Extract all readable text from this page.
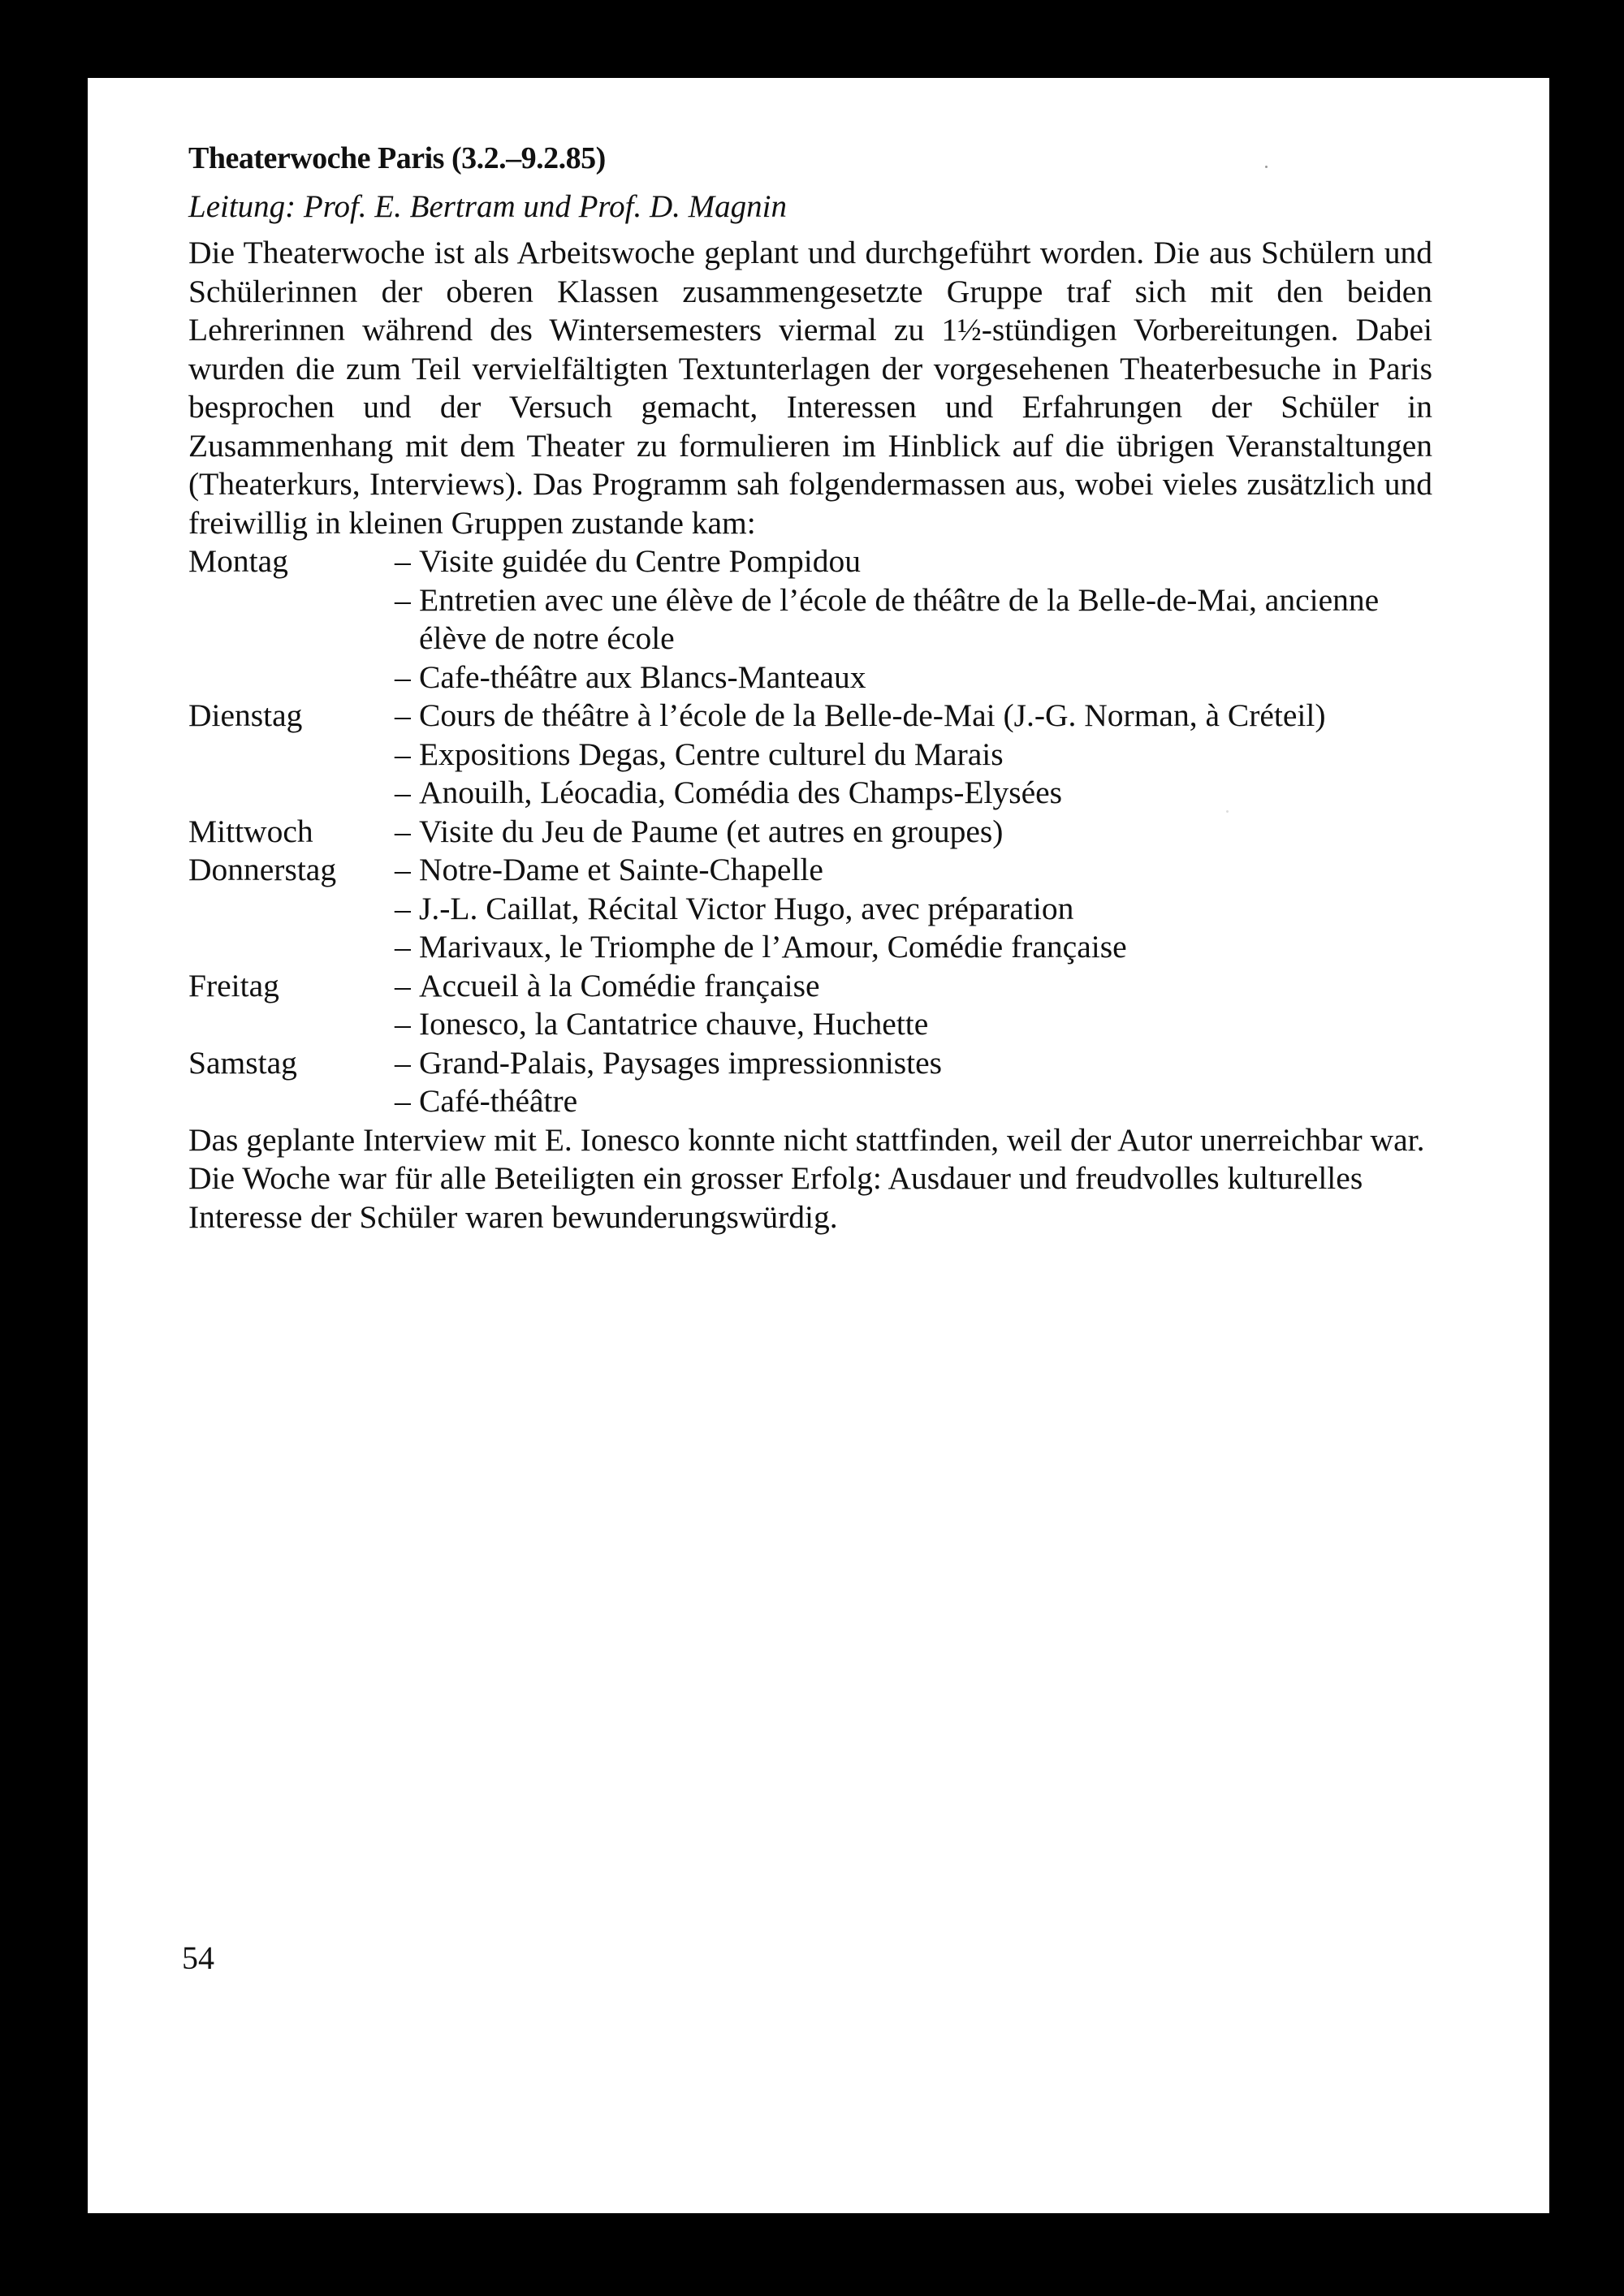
Theaterwoche Paris (3.2.–9.2.85)

Leitung: Prof. E. Bertram und Prof. D. Magnin

Die Theaterwoche ist als Arbeitswoche geplant und durchgeführt worden. Die aus Schülern und Schülerinnen der oberen Klassen zusammengesetzte Gruppe traf sich mit den beiden Lehrerinnen während des Wintersemesters viermal zu 1½-stündigen Vorbereitungen. Dabei wurden die zum Teil vervielfältigten Textunterlagen der vorgesehenen Theaterbesuche in Paris besprochen und der Versuch gemacht, Interessen und Erfahrungen der Schüler in Zusammenhang mit dem Theater zu formulieren im Hinblick auf die übrigen Veranstaltungen (Theaterkurs, Interviews). Das Programm sah folgendermassen aus, wobei vieles zusätzlich und freiwillig in kleinen Gruppen zustande kam:

Montag	– Visite guidée du Centre Pompidou
– Entretien avec une élève de l’école de théâtre de la Belle-de-Mai, ancienne élève de notre école
– Cafe-théâtre aux Blancs-Manteaux
Dienstag	– Cours de théâtre à l’école de la Belle-de-Mai (J.-G. Norman, à Créteil)
– Expositions Degas, Centre culturel du Marais
– Anouilh, Léocadia, Comédia des Champs-Elysées
Mittwoch	– Visite du Jeu de Paume (et autres en groupes)
Donnerstag	– Notre-Dame et Sainte-Chapelle
– J.-L. Caillat, Récital Victor Hugo, avec préparation
– Marivaux, le Triomphe de l’Amour, Comédie française
Freitag	– Accueil à la Comédie française
– Ionesco, la Cantatrice chauve, Huchette
Samstag	– Grand-Palais, Paysages impressionnistes
– Café-théâtre

Das geplante Interview mit E. Ionesco konnte nicht stattfinden, weil der Autor unerreichbar war.

Die Woche war für alle Beteiligten ein grosser Erfolg: Ausdauer und freudvolles kulturelles Interesse der Schüler waren bewunderungswürdig.

54
